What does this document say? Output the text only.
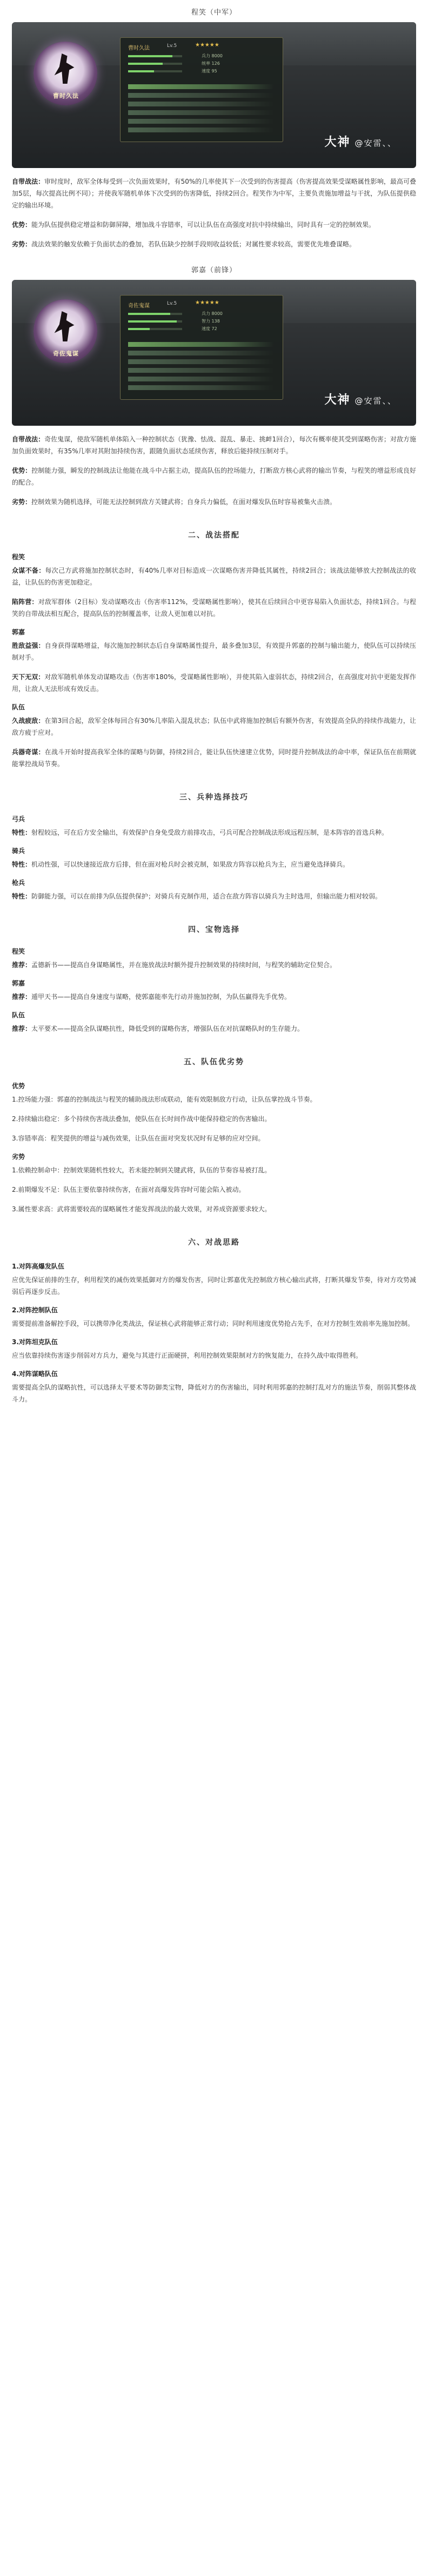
程笑（中军）
曹时久法
曹时久法	Lv.5	★★★★★
兵力 8000
统率 126
速度 95
大神 @安雷、、

自带战法：审时度时，敌军全体每受到一次负面效果时，有50%的几率使其下一次受到的伤害提高（伤害提高效果受谋略属性影响，最高可叠加5层，每次提高比例不同）；并使我军随机单体下次受到的伤害降低，持续2回合。程笑作为中军，主要负责施加增益与干扰，为队伍提供稳定的输出环境。

优势：能为队伍提供稳定增益和防御屏障，增加战斗容错率，可以让队伍在高强度对抗中持续输出，同时具有一定的控制效果。

劣势：战法效果的触发依赖于负面状态的叠加，若队伍缺少控制手段则收益较低；对属性要求较高，需要优先堆叠谋略。

郭嘉（前锋）
奇佐鬼谋
奇佐鬼谋	Lv.5	★★★★★
兵力 8000
智力 138
速度 72
大神 @安雷、、

自带战法：奇佐鬼谋，使敌军随机单体陷入一种控制状态（犹豫、怯战、混乱、暴走、挑衅1回合），每次有概率使其受到谋略伤害；对敌方施加负面效果时，有35%几率对其附加持续伤害，跟随负面状态延续伤害，释放后能持续压制对手。

优势：控制能力强，瞬发的控制战法让他能在战斗中占据主动，提高队伍的控场能力，打断敌方核心武将的输出节奏，与程笑的增益形成良好的配合。

劣势：控制效果为随机选择，可能无法控制到敌方关键武将；自身兵力偏低，在面对爆发队伍时容易被集火击溃。

二、战法搭配
程笑

众谋不备：每次己方武将施加控制状态时，有40%几率对目标造成一次谋略伤害并降低其属性，持续2回合；该战法能够放大控制战法的收益，让队伍的伤害更加稳定。

陷阵营：对敌军群体（2目标）发动谋略攻击（伤害率112%，受谋略属性影响），使其在后续回合中更容易陷入负面状态，持续1回合。与程笑的自带战法相互配合，提高队伍的控制覆盖率，让敌人更加难以对抗。

郭嘉

胜敌益强：自身获得谋略增益，每次施加控制状态后自身谋略属性提升，最多叠加3层，有效提升郭嘉的控制与输出能力，使队伍可以持续压制对手。

天下无双：对敌军随机单体发动谋略攻击（伤害率180%，受谋略属性影响），并使其陷入虚弱状态，持续2回合，在高强度对抗中更能发挥作用，让敌人无法形成有效反击。

队伍

久战疲敌：在第3回合起，敌军全体每回合有30%几率陷入混乱状态；队伍中武将施加控制后有额外伤害，有效提高全队的持续作战能力，让敌方疲于应对。

兵器奇谋：在战斗开始时提高我军全体的谋略与防御，持续2回合，能让队伍快速建立优势，同时提升控制战法的命中率，保证队伍在前期就能掌控战局节奏。

三、兵种选择技巧
弓兵

特性：射程较远，可在后方安全输出，有效保护自身免受敌方前排攻击，弓兵可配合控制战法形成远程压制，是本阵容的首选兵种。

骑兵

特性：机动性强，可以快速接近敌方后排，但在面对枪兵时会被克制，如果敌方阵容以枪兵为主，应当避免选择骑兵。

枪兵

特性：防御能力强，可以在前排为队伍提供保护；对骑兵有克制作用，适合在敌方阵容以骑兵为主时选用，但输出能力相对较弱。

四、宝物选择
程笑

推荐：孟德新书——提高自身谋略属性，并在施放战法时额外提升控制效果的持续时间，与程笑的辅助定位契合。

郭嘉

推荐：遁甲天书——提高自身速度与谋略，使郭嘉能率先行动并施加控制，为队伍赢得先手优势。

队伍

推荐：太平要术——提高全队谋略抗性，降低受到的谋略伤害，增强队伍在对抗谋略队时的生存能力。

五、队伍优劣势
优势

1.控场能力强：郭嘉的控制战法与程笑的辅助战法形成联动，能有效限制敌方行动，让队伍掌控战斗节奏。

2.持续输出稳定：多个持续伤害战法叠加，使队伍在长时间作战中能保持稳定的伤害输出。

3.容错率高：程笑提供的增益与减伤效果，让队伍在面对突发状况时有足够的应对空间。

劣势

1.依赖控制命中：控制效果随机性较大，若未能控制到关键武将，队伍的节奏容易被打乱。

2.前期爆发不足：队伍主要依靠持续伤害，在面对高爆发阵容时可能会陷入被动。

3.属性要求高：武将需要较高的谋略属性才能发挥战法的最大效果，对养成资源要求较大。

六、对战思路
1.对阵高爆发队伍

应优先保证前排的生存，利用程笑的减伤效果抵御对方的爆发伤害，同时让郭嘉优先控制敌方核心输出武将，打断其爆发节奏，待对方攻势减弱后再逐步反击。

2.对阵控制队伍

需要提前准备解控手段，可以携带净化类战法，保证核心武将能够正常行动；同时利用速度优势抢占先手，在对方控制生效前率先施加控制。

3.对阵坦克队伍

应当依靠持续伤害逐步削弱对方兵力，避免与其进行正面硬拼，利用控制效果限制对方的恢复能力，在持久战中取得胜利。

4.对阵谋略队伍

需要提高全队的谋略抗性，可以选择太平要术等防御类宝物，降低对方的伤害输出，同时利用郭嘉的控制打乱对方的施法节奏，削弱其整体战斗力。
